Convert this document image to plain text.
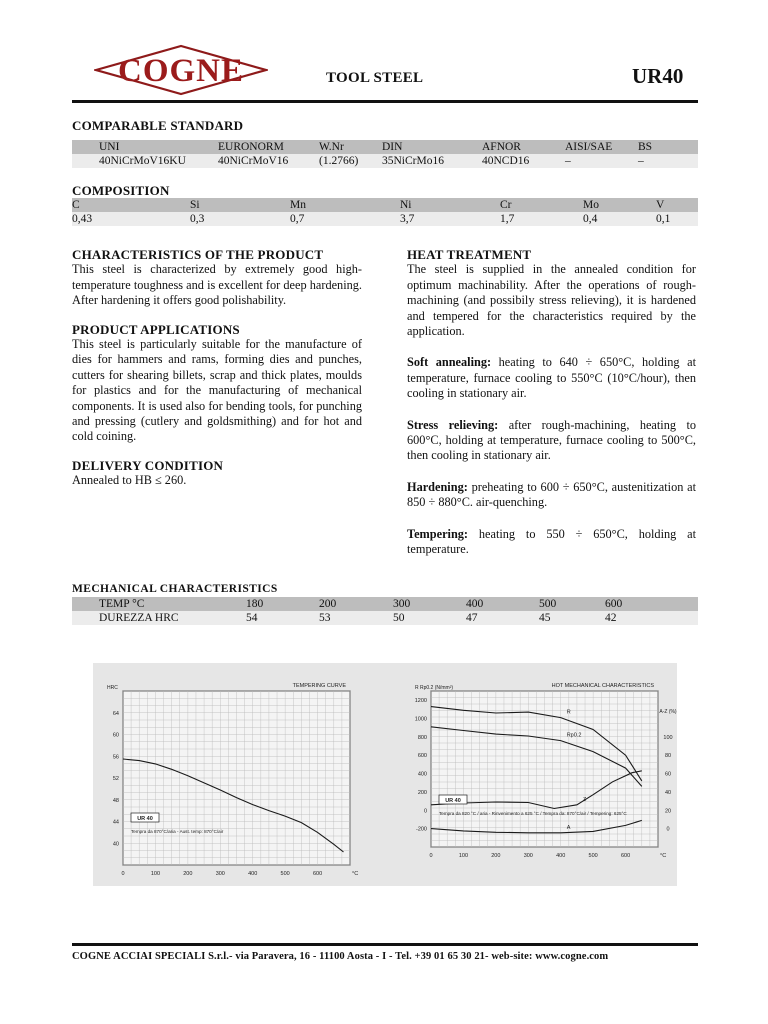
COGNE	TOOL STEEL	UR40
COMPARABLE STANDARD
	UNI	EURONORM	W.Nr	DIN	AFNOR	AISI/SAE	BS
	40NiCrMoV16KU	40NiCrMoV16	(1.2766)	35NiCrMo16	40NCD16	–	–
COMPOSITION
	C	Si	Mn	Ni	Cr	Mo	V
	0,43	0,3	0,7	3,7	1,7	0,4	0,1
CHARACTERISTICS OF THE PRODUCT

This steel is characterized by extremely good high-temperature toughness and is excellent for deep hardening. After hardening it offers good polishability.

PRODUCT APPLICATIONS

This steel is particularly suitable for the manufacture of dies for hammers and rams, forming dies and punches, cutters for shearing billets, scrap and thick plates, moulds for plastics and for the manufacturing of mechanical components. It is used also for bending tools, for punching and pressing (cutlery and goldsmithing) and for hot and cold coining.

DELIVERY CONDITION

Annealed to HB ≤ 260.

HEAT TREATMENT

The steel is supplied in the annealed condition for optimum machinability. After the operations of rough-machining (and possibily stress relieving), it is hardened and tempered for the characteristics required by the application.

Soft annealing: heating to 640 ÷ 650°C, holding at temperature, furnace cooling to 550°C (10°C/hour), then cooling in stationary air.

Stress relieving: after rough-machining, heating to 600°C, holding at temperature, furnace cooling to 500°C, then cooling in stationary air.

Hardening: preheating to 600 ÷ 650°C, austenitization at 850 ÷ 880°C. air-quenching.

Tempering: heating to 550 ÷ 650°C, holding at temperature.

MECHANICAL CHARACTERISTICS
	TEMP °C	180	200	300	400	500	600
	DUREZZA HRC	54	53	50	47	45	42
0	100	200	300	400	500	600	°C
40
44
48
52
56
60
64
TEMPERING CURVE
HRC
UR 40
Tempra da 870°C/aria - Aust. temp: 870°C/air
0	100	200	300	400	500	600	°C
-200
0
200
400
600
800
1000
1200
HOT MECHANICAL CHARACTERISTICS
R Rp0.2 (N/mm²)
0
20
40
60
80
100
A-Z (%)
R
Rp0.2
Z
A
UR 40
Tempra da 820 °C / aria - Rinvenimento a 625 °C / Tempra da: 870°C/air / Tempering: 625°C
COGNE ACCIAI SPECIALI S.r.l.- via Paravera, 16 - 11100 Aosta - I - Tel. +39 01 65 30 21- web-site: www.cogne.com
